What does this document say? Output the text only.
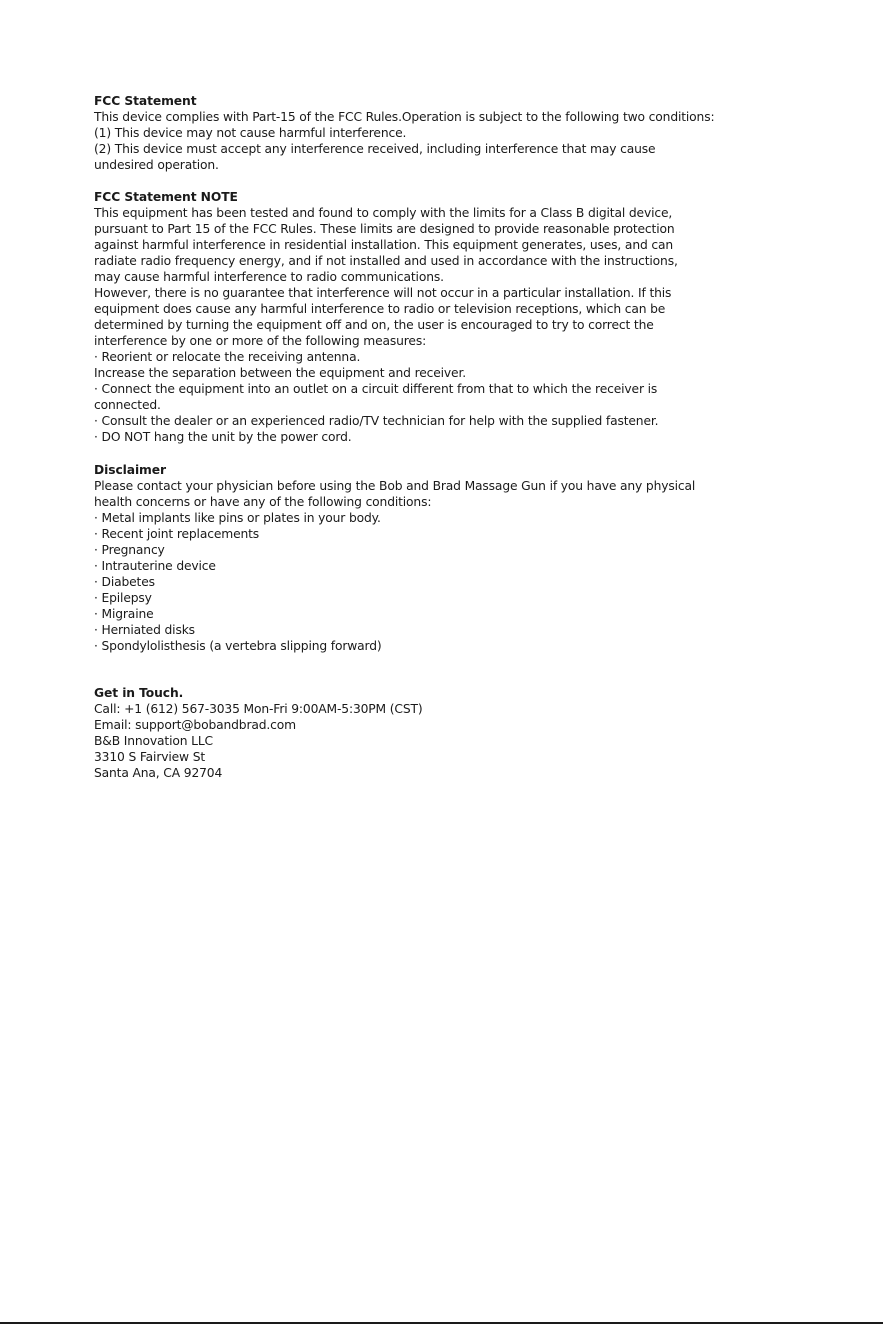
FCC Statement

This device complies with Part-15 of the FCC Rules.Operation is subject to the following two conditions:

(1) This device may not cause harmful interference.

(2) This device must accept any interference received, including interference that may cause

undesired operation.

FCC Statement NOTE

This equipment has been tested and found to comply with the limits for a Class B digital device,

pursuant to Part 15 of the FCC Rules. These limits are designed to provide reasonable protection

against harmful interference in residential installation. This equipment generates, uses, and can

radiate radio frequency energy, and if not installed and used in accordance with the instructions,

may cause harmful interference to radio communications.

However, there is no guarantee that interference will not occur in a particular installation. If this

equipment does cause any harmful interference to radio or television receptions, which can be

determined by turning the equipment off and on, the user is encouraged to try to correct the

interference by one or more of the following measures:

· Reorient or relocate the receiving antenna.

Increase the separation between the equipment and receiver.

· Connect the equipment into an outlet on a circuit different from that to which the receiver is

connected.

· Consult the dealer or an experienced radio/TV technician for help with the supplied fastener.

· DO NOT hang the unit by the power cord.

Disclaimer

Please contact your physician before using the Bob and Brad Massage Gun if you have any physical

health concerns or have any of the following conditions:

· Metal implants like pins or plates in your body.

· Recent joint replacements

· Pregnancy

· Intrauterine device

· Diabetes

· Epilepsy

· Migraine

· Herniated disks

· Spondylolisthesis (a vertebra slipping forward)

Get in Touch.

Call: +1 (612) 567-3035 Mon-Fri 9:00AM-5:30PM (CST)

Email: support@bobandbrad.com

B&B Innovation LLC

3310 S Fairview St

Santa Ana, CA 92704
